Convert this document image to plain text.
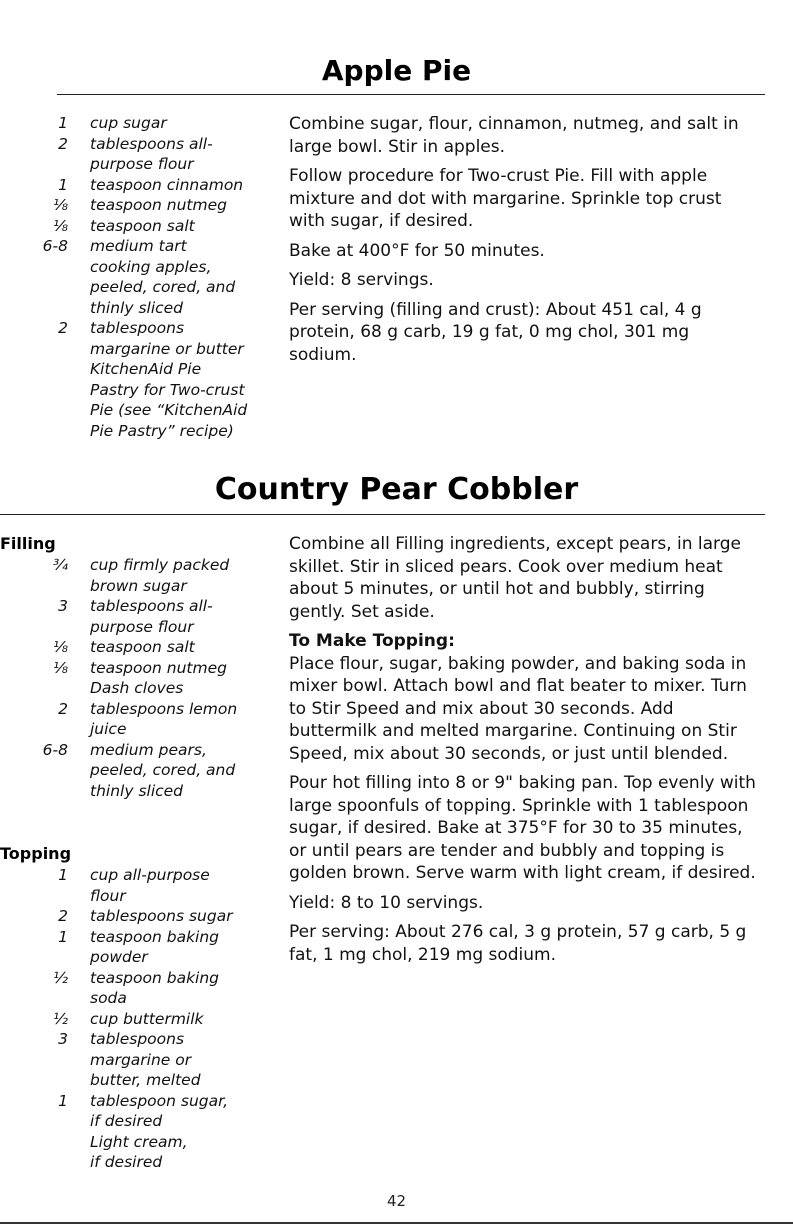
Apple Pie
1 cup sugar
2 tablespoons all-
purpose flour
1 teaspoon cinnamon
⅛ teaspoon nutmeg
⅛ teaspoon salt
6-8 medium tart
cooking apples,
peeled, cored, and
thinly sliced
2 tablespoons
margarine or butter
KitchenAid Pie
Pastry for Two-crust
Pie (see “KitchenAid
Pie Pastry” recipe)

Combine sugar, flour, cinnamon, nutmeg, and salt in large bowl. Stir in apples.

Follow procedure for Two-crust Pie. Fill with apple mixture and dot with margarine. Sprinkle top crust with sugar, if desired.

Bake at 400°F for 50 minutes.

Yield: 8 servings.

Per serving (filling and crust): About 451 cal, 4 g protein, 68 g carb, 19 g fat, 0 mg chol, 301 mg sodium.

Country Pear Cobbler
Filling
¾ cup firmly packed
brown sugar
3 tablespoons all-
purpose flour
⅛ teaspoon salt
⅛ teaspoon nutmeg
Dash cloves
2 tablespoons lemon
juice
6-8 medium pears,
peeled, cored, and
thinly sliced
Topping
1 cup all-purpose
flour
2 tablespoons sugar
1 teaspoon baking
powder
½ teaspoon baking
soda
½ cup buttermilk
3 tablespoons
margarine or
butter, melted
1 tablespoon sugar,
if desired
Light cream,
if desired

Combine all Filling ingredients, except pears, in large skillet. Stir in sliced pears. Cook over medium heat about 5 minutes, or until hot and bubbly, stirring gently. Set aside.

To Make Topping:

Place flour, sugar, baking powder, and baking soda in mixer bowl. Attach bowl and flat beater to mixer. Turn to Stir Speed and mix about 30 seconds. Add buttermilk and melted margarine. Continuing on Stir Speed, mix about 30 seconds, or just until blended.

Pour hot filling into 8 or 9" baking pan. Top evenly with large spoonfuls of topping. Sprinkle with 1 tablespoon sugar, if desired. Bake at 375°F for 30 to 35 minutes, or until pears are tender and bubbly and topping is golden brown. Serve warm with light cream, if desired.

Yield: 8 to 10 servings.

Per serving: About 276 cal, 3 g protein, 57 g carb, 5 g fat, 1 mg chol, 219 mg sodium.

42
